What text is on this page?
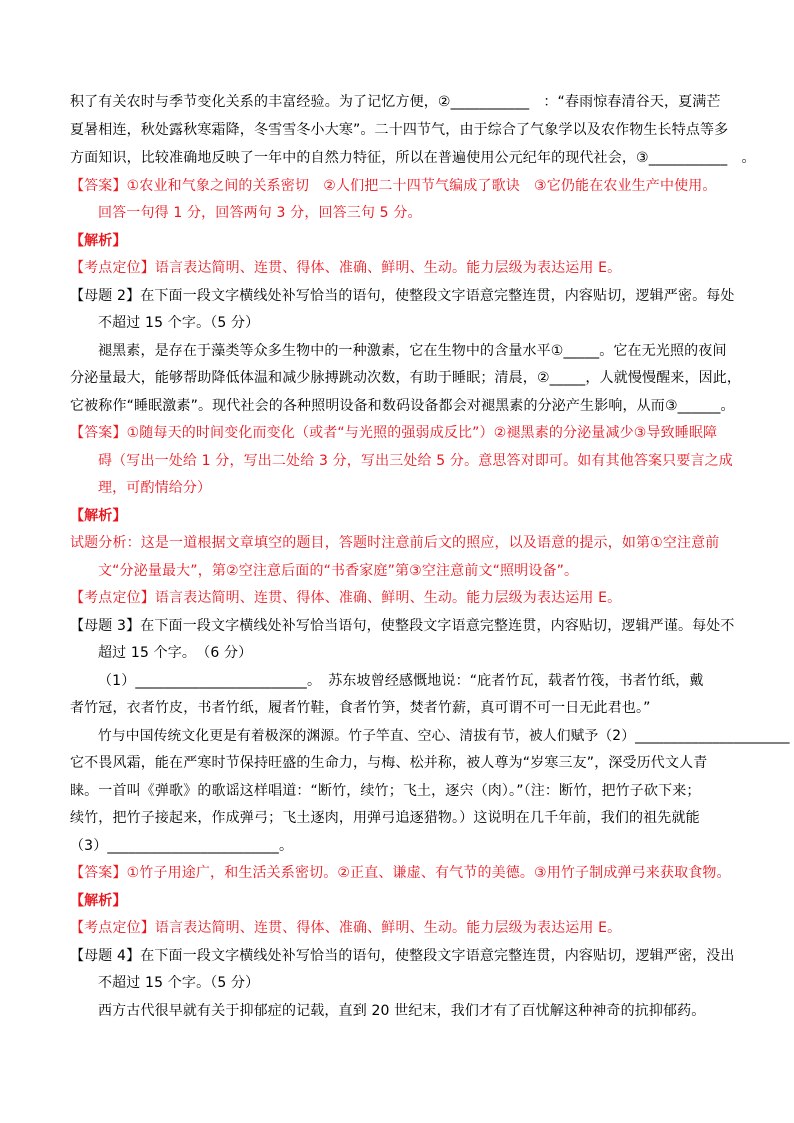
积了有关农时与季节变化关系的丰富经验。为了记忆方便，②___________　：“春雨惊春清谷天，夏满芒
夏暑相连，秋处露秋寒霜降，冬雪雪冬小大寒”。二十四节气，由于综合了气象学以及农作物生长特点等多
方面知识，比较准确地反映了一年中的自然力特征，所以在普遍使用公元纪年的现代社会，③___________　。
【答案】①农业和气象之间的关系密切　②人们把二十四节气编成了歌诀　③它仍能在农业生产中使用。
回答一句得 1 分，回答两句 3 分，回答三句 5 分。
【解析】
【考点定位】语言表达简明、连贯、得体、准确、鲜明、生动。能力层级为表达运用 E。
【母题 2】在下面一段文字横线处补写恰当的语句，使整段文字语意完整连贯，内容贴切，逻辑严密。每处
不超过 15 个字。（5 分）
褪黑素，是存在于藻类等众多生物中的一种激素，它在生物中的含量水平①_____。它在无光照的夜间
分泌量最大，能够帮助降低体温和减少脉搏跳动次数，有助于睡眠；清晨，②_____，人就慢慢醒来，因此，
它被称作“睡眠激素”。现代社会的各种照明设备和数码设备都会对褪黑素的分泌产生影响，从而③______。
【答案】①随每天的时间变化而变化（或者“与光照的强弱成反比”）②褪黑素的分泌量减少③导致睡眠障
碍（写出一处给 1 分，写出二处给 3 分，写出三处给 5 分。意思答对即可。如有其他答案只要言之成
理，可酌情给分）
【解析】
试题分析：这是一道根据文章填空的题目，答题时注意前后文的照应，以及语意的提示，如第①空注意前
文“分泌量最大”，第②空注意后面的“书香家庭”第③空注意前文“照明设备”。
【考点定位】语言表达简明、连贯、得体、准确、鲜明、生动。能力层级为表达运用 E。
【母题 3】在下面一段文字横线处补写恰当语句，使整段文字语意完整连贯，内容贴切，逻辑严谨。每处不
超过 15 个字。　（6 分）
（1）________________________。　苏东坡曾经感慨地说：“庇者竹瓦，载者竹筏，书者竹纸，戴
者竹冠，衣者竹皮，书者竹纸，履者竹鞋，食者竹笋，焚者竹薪，真可谓不可一日无此君也。”
竹与中国传统文化更是有着极深的渊源。竹子竿直、空心、清拔有节，被人们赋予（2）______________________
它不畏风霜，能在严寒时节保持旺盛的生命力，与梅、松并称，被人尊为“岁寒三友”，深受历代文人青
睐。一首叫《弹歌》的歌谣这样唱道：“断竹，续竹；飞土，逐宍（肉）。”（注：断竹，把竹子砍下来；
续竹，把竹子接起来，作成弹弓；飞土逐肉，用弹弓追逐猎物。）这说明在几千年前，我们的祖先就能
（3）________________________。
【答案】①竹子用途广，和生活关系密切。②正直、谦虚、有气节的美德。③用竹子制成弹弓来获取食物。
【解析】
【考点定位】语言表达简明、连贯、得体、准确、鲜明、生动。能力层级为表达运用 E。
【母题 4】在下面一段文字横线处补写恰当的语句，使整段文字语意完整连贯，内容贴切，逻辑严密，没出
不超过 15 个字。（5 分）
西方古代很早就有关于抑郁症的记载，直到 20 世纪末，我们才有了百忧解这种神奇的抗抑郁药。
